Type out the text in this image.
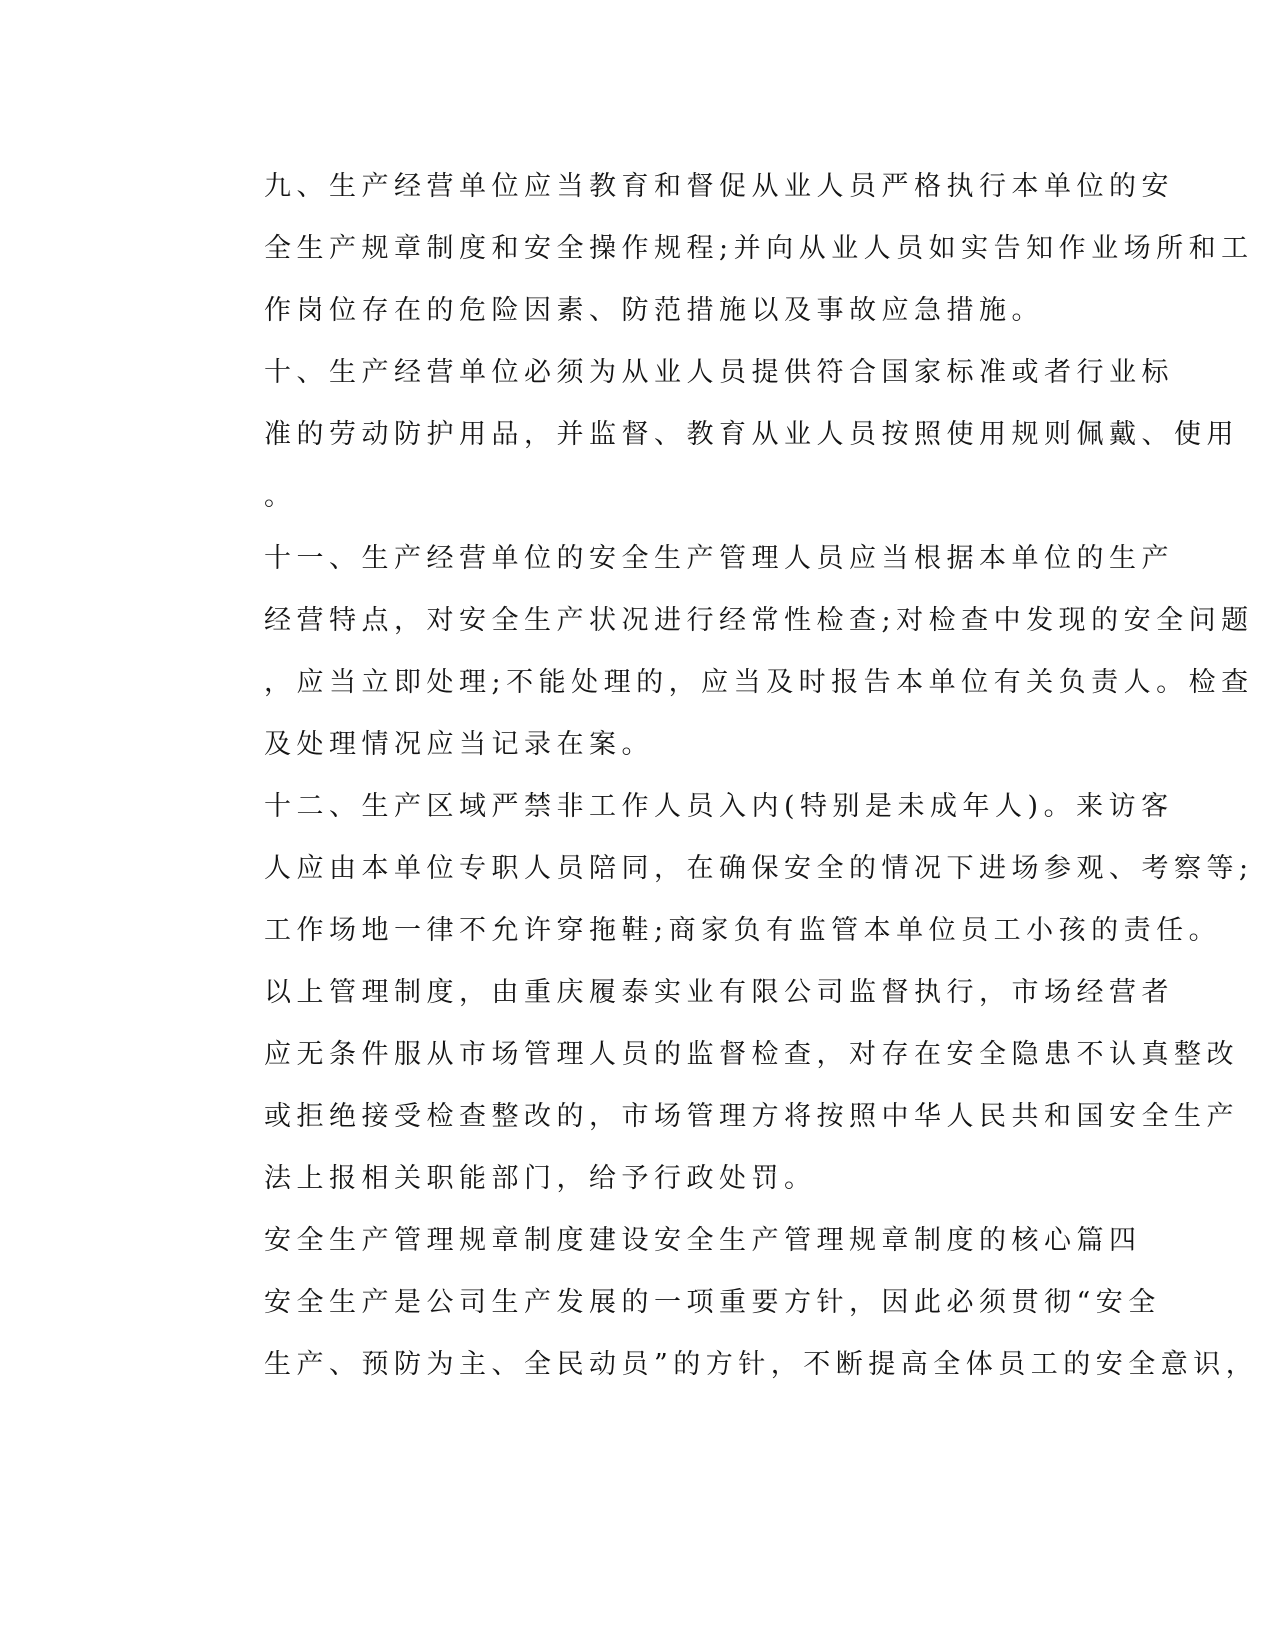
九、生产经营单位应当教育和督促从业人员严格执行本单位的安
全生产规章制度和安全操作规程;并向从业人员如实告知作业场所和工
作岗位存在的危险因素、防范措施以及事故应急措施。

十、生产经营单位必须为从业人员提供符合国家标准或者行业标
准的劳动防护用品，并监督、教育从业人员按照使用规则佩戴、使用
。

十一、生产经营单位的安全生产管理人员应当根据本单位的生产
经营特点，对安全生产状况进行经常性检查;对检查中发现的安全问题
，应当立即处理;不能处理的，应当及时报告本单位有关负责人。检查
及处理情况应当记录在案。

十二、生产区域严禁非工作人员入内(特别是未成年人)。来访客
人应由本单位专职人员陪同，在确保安全的情况下进场参观、考察等;
工作场地一律不允许穿拖鞋;商家负有监管本单位员工小孩的责任。

以上管理制度，由重庆履泰实业有限公司监督执行，市场经营者
应无条件服从市场管理人员的监督检查，对存在安全隐患不认真整改
或拒绝接受检查整改的，市场管理方将按照中华人民共和国安全生产
法上报相关职能部门，给予行政处罚。

安全生产管理规章制度建设安全生产管理规章制度的核心篇四

安全生产是公司生产发展的一项重要方针，因此必须贯彻“安全
生产、预防为主、全民动员”的方针，不断提高全体员工的安全意识，
